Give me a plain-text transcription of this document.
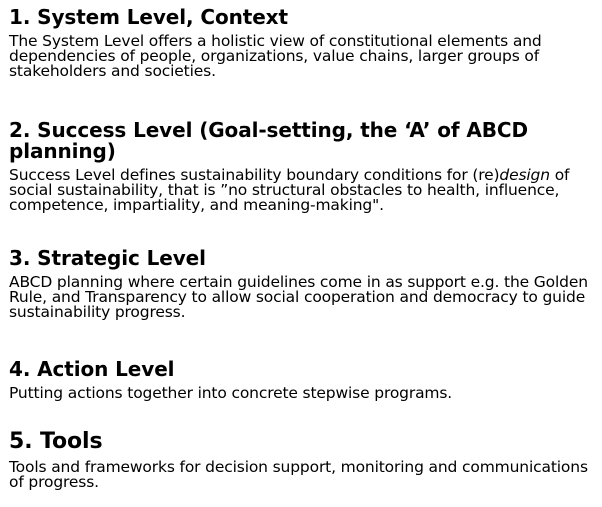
1. System Level, Context

The System Level offers a holistic view of constitutional elements and dependencies of people, organizations, value chains, larger groups of stakeholders and societies.

2. Success Level (Goal-setting, the ‘A’ of ABCD planning)

Success Level defines sustainability boundary conditions for (re)design of social sustainability, that is ”no structural obstacles to health, influence, competence, impartiality, and meaning-making".

3. Strategic Level

ABCD planning where certain guidelines come in as support e.g. the Golden Rule, and Transparency to allow social cooperation and democracy to guide sustainability progress.

4. Action Level

Putting actions together into concrete stepwise programs.

5. Tools

Tools and frameworks for decision support, monitoring and communications of progress.
